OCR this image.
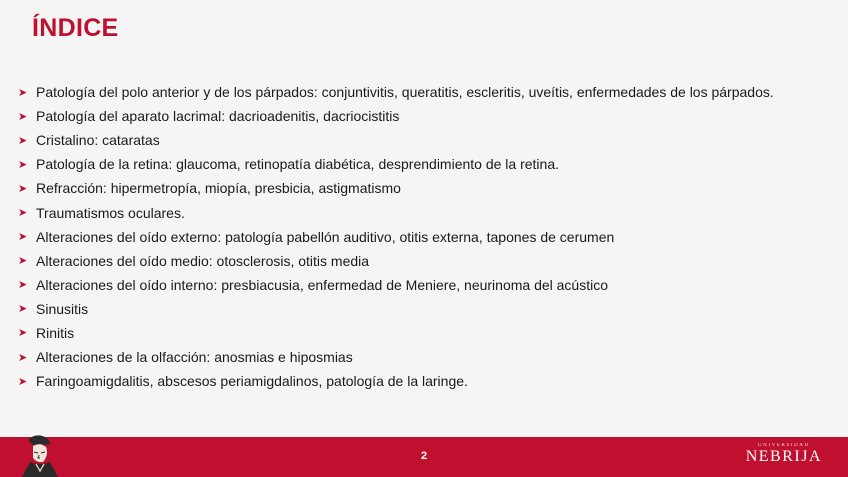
ÍNDICE
➤ Patología del polo anterior y de los párpados: conjuntivitis, queratitis, escleritis, uveítis, enfermedades de los párpados.
➤ Patología del aparato lacrimal: dacrioadenitis, dacriocistitis
➤ Cristalino: cataratas
➤ Patología de la retina: glaucoma, retinopatía diabética, desprendimiento de la retina.
➤ Refracción: hipermetropía, miopía, presbicia, astigmatismo
➤ Traumatismos oculares.
➤ Alteraciones del oído externo: patología pabellón auditivo, otitis externa, tapones de cerumen
➤ Alteraciones del oído medio: otosclerosis, otitis media
➤ Alteraciones del oído interno: presbiacusia, enfermedad de Meniere, neurinoma del acústico
➤ Sinusitis
➤ Rinitis
➤ Alteraciones de la olfacción: anosmias e hiposmias
➤ Faringoamigdalitis, abscesos periamigdalinos, patología de la laringe.
2
UNIVERSIDAD
NEBRIJA
